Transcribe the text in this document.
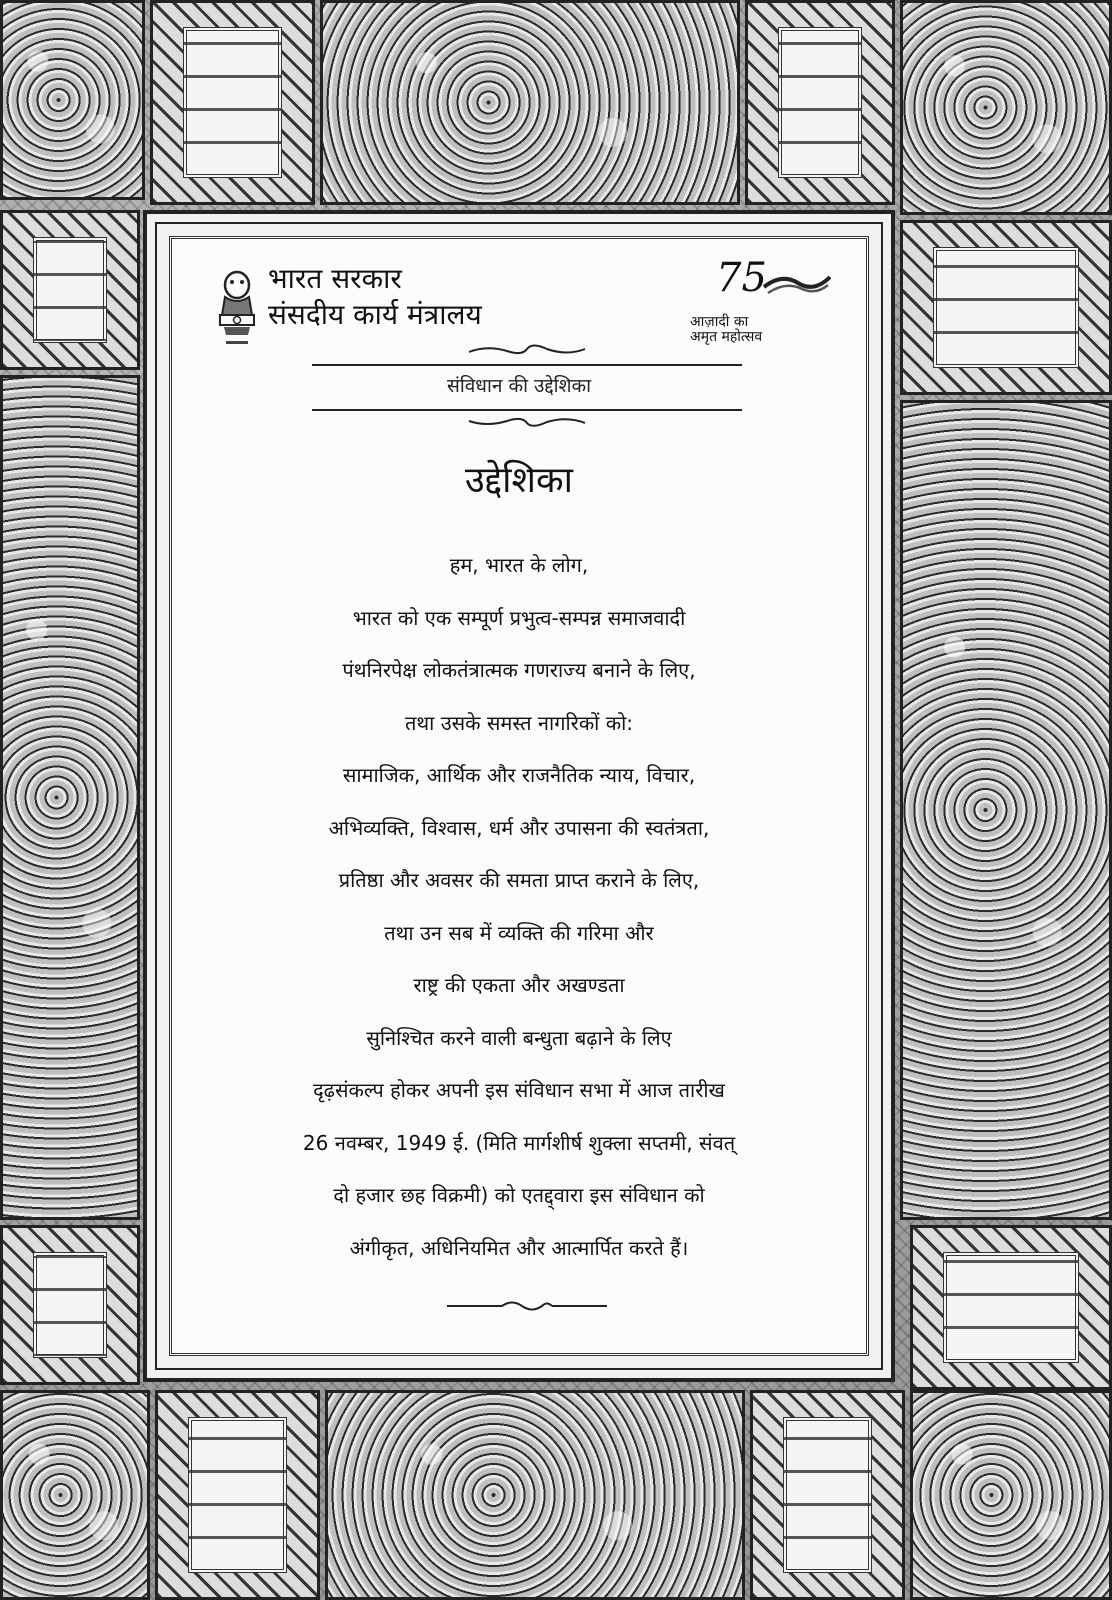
भारत सरकार
संसदीय कार्य मंत्रालय
75
आज़ादी का
अमृत महोत्सव
संविधान की उद्देशिका
उद्देशिका
हम, भारत के लोग,
भारत को एक सम्पूर्ण प्रभुत्व-सम्पन्न समाजवादी
पंथनिरपेक्ष लोकतंत्रात्मक गणराज्य बनाने के लिए,
तथा उसके समस्त नागरिकों को:
सामाजिक, आर्थिक और राजनैतिक न्याय, विचार,
अभिव्यक्ति, विश्वास, धर्म और उपासना की स्वतंत्रता,
प्रतिष्ठा और अवसर की समता प्राप्त कराने के लिए,
तथा उन सब में व्यक्ति की गरिमा और
राष्ट्र की एकता और अखण्डता
सुनिश्चित करने वाली बन्धुता बढ़ाने के लिए
दृढ़संकल्प होकर अपनी इस संविधान सभा में आज तारीख
26 नवम्बर, 1949 ई. (मिति मार्गशीर्ष शुक्ला सप्तमी, संवत्
दो हजार छह विक्रमी) को एतद्द्वारा इस संविधान को
अंगीकृत, अधिनियमित और आत्मार्पित करते हैं।
